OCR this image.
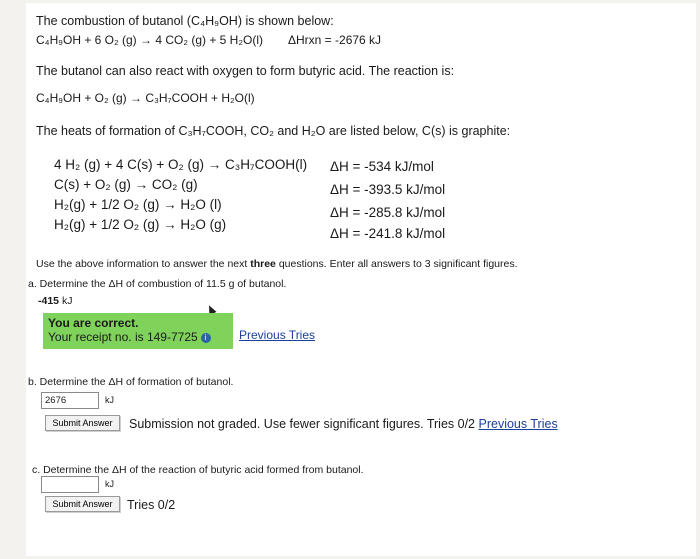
The combustion of butanol (C₄H₉OH) is shown below:
C₄H₉OH + 6 O₂ (g) → 4 CO₂ (g) + 5 H₂O(l) ΔHrxn = -2676 kJ
The butanol can also react with oxygen to form butyric acid. The reaction is:
C₄H₉OH + O₂ (g) → C₃H₇COOH + H₂O(l)
The heats of formation of C₃H₇COOH, CO₂ and H₂O are listed below, C(s) is graphite:
4 H₂ (g) + 4 C(s) + O₂ (g) → C₃H₇COOH(l) ΔH = -534 kJ/mol
C(s) + O₂ (g) → CO₂ (g)	ΔH = -393.5 kJ/mol
H₂(g) + 1/2 O₂ (g) → H₂O (l)
ΔH = -285.8 kJ/mol
H₂(g) + 1/2 O₂ (g) → H₂O (g)
ΔH = -241.8 kJ/mol
Use the above information to answer the next three questions. Enter all answers to 3 significant figures.
a. Determine the ΔH of combustion of 11.5 g of butanol.
-415 kJ
You are correct.
Your receipt no. is 149-7725 i	Previous Tries
b. Determine the ΔH of formation of butanol.
2676	kJ
Submit Answer	Submission not graded. Use fewer significant figures. Tries 0/2 Previous Tries
c. Determine the ΔH of the reaction of butyric acid formed from butanol.
kJ
Submit Answer	Tries 0/2
